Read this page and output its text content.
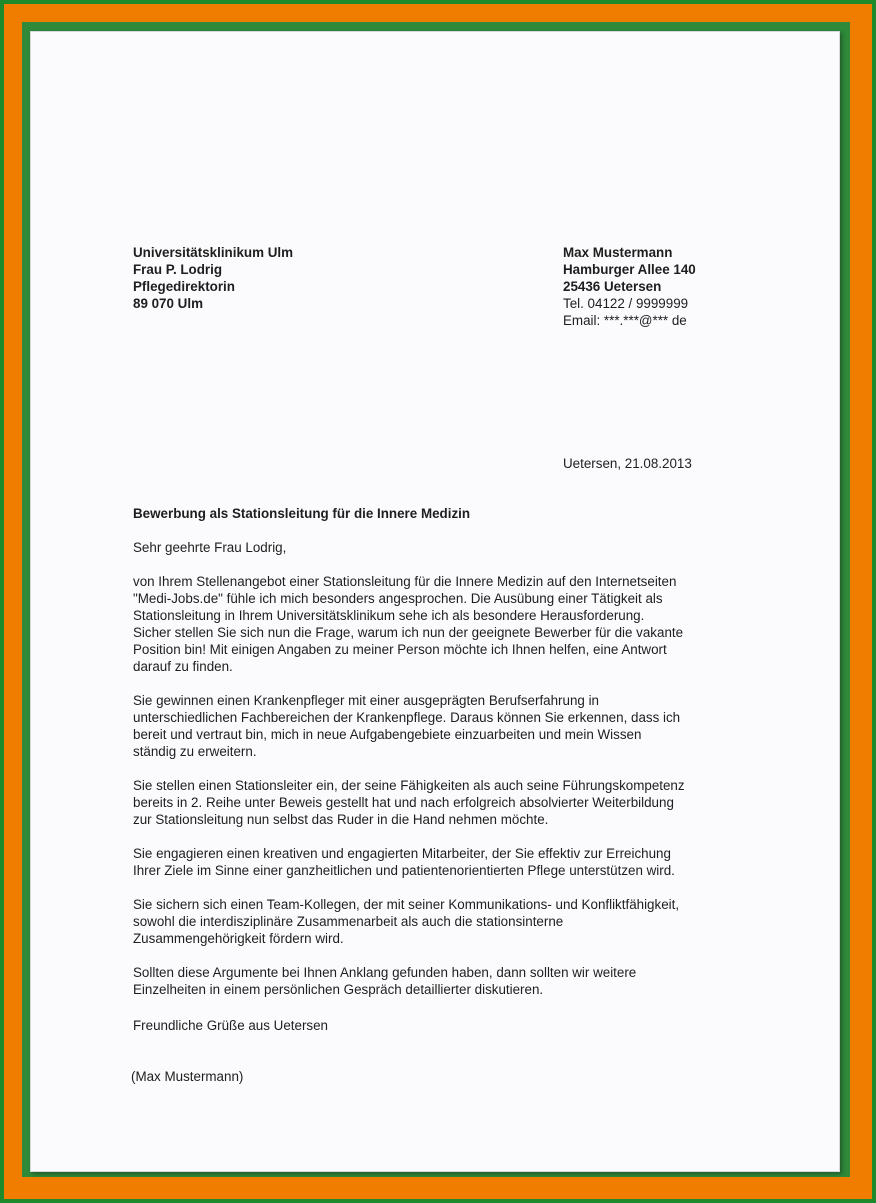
Universitätsklinikum Ulm
Frau P. Lodrig
Pflegedirektorin
89 070 Ulm
Max Mustermann
Hamburger Allee 140
25436 Uetersen
Tel. 04122 / 9999999
Email: ***.***@*** de
Uetersen, 21.08.2013
Bewerbung als Stationsleitung für die Innere Medizin
Sehr geehrte Frau Lodrig,
von Ihrem Stellenangebot einer Stationsleitung für die Innere Medizin auf den Internetseiten
"Medi-Jobs.de" fühle ich mich besonders angesprochen. Die Ausübung einer Tätigkeit als
Stationsleitung in Ihrem Universitätsklinikum sehe ich als besondere Herausforderung.
Sicher stellen Sie sich nun die Frage, warum ich nun der geeignete Bewerber für die vakante
Position bin! Mit einigen Angaben zu meiner Person möchte ich Ihnen helfen, eine Antwort
darauf zu finden.
Sie gewinnen einen Krankenpfleger mit einer ausgeprägten Berufserfahrung in
unterschiedlichen Fachbereichen der Krankenpflege. Daraus können Sie erkennen, dass ich
bereit und vertraut bin, mich in neue Aufgabengebiete einzuarbeiten und mein Wissen
ständig zu erweitern.
Sie stellen einen Stationsleiter ein, der seine Fähigkeiten als auch seine Führungskompetenz
bereits in 2. Reihe unter Beweis gestellt hat und nach erfolgreich absolvierter Weiterbildung
zur Stationsleitung nun selbst das Ruder in die Hand nehmen möchte.
Sie engagieren einen kreativen und engagierten Mitarbeiter, der Sie effektiv zur Erreichung
Ihrer Ziele im Sinne einer ganzheitlichen und patientenorientierten Pflege unterstützen wird.
Sie sichern sich einen Team-Kollegen, der mit seiner Kommunikations- und Konfliktfähigkeit,
sowohl die interdisziplinäre Zusammenarbeit als auch die stationsinterne
Zusammengehörigkeit fördern wird.
Sollten diese Argumente bei Ihnen Anklang gefunden haben, dann sollten wir weitere
Einzelheiten in einem persönlichen Gespräch detaillierter diskutieren.
Freundliche Grüße aus Uetersen
(Max Mustermann)
